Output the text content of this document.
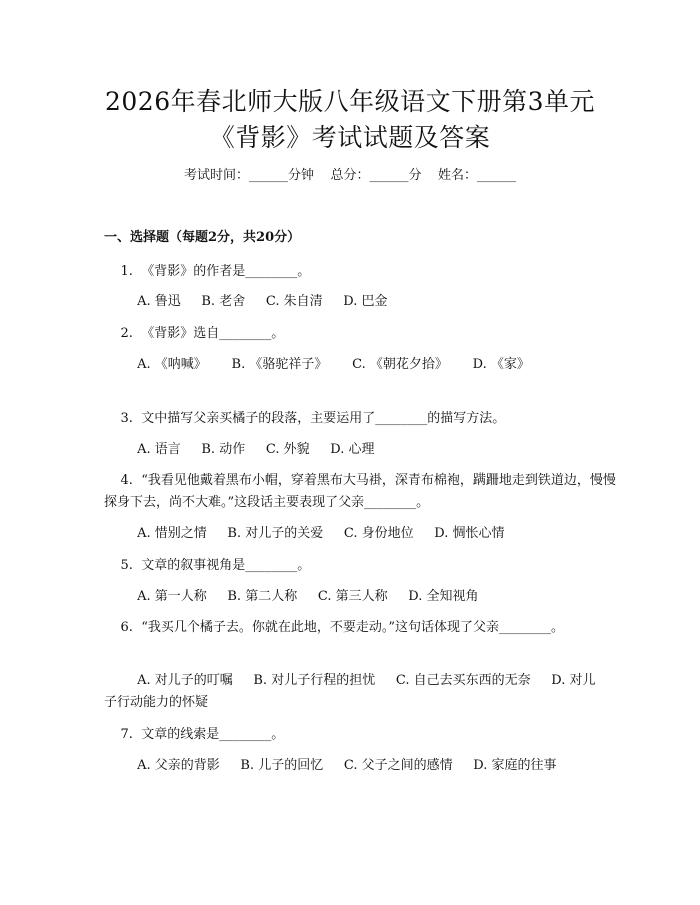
2026年春北师大版八年级语文下册第3单元
《背影》考试试题及答案
考试时间：______分钟    总分：______分    姓名：______
一、选择题（每题2分，共20分）
1.  《背影》的作者是________。
A. 鲁迅     B. 老舍     C. 朱自清     D. 巴金
2.  《背影》选自________。
A. 《呐喊》      B. 《骆驼祥子》      C. 《朝花夕拾》      D. 《家》
3.  文中描写父亲买橘子的段落，主要运用了________的描写方法。
A. 语言     B. 动作     C. 外貌     D. 心理
4.  “我看见他戴着黑布小帽，穿着黑布大马褂，深青布棉袍，蹒跚地走到铁道边，慢慢探身下去，尚不大难。”这段话主要表现了父亲________。
A. 惜别之情     B. 对儿子的关爱     C. 身份地位     D. 惆怅心情
5.  文章的叙事视角是________。
A. 第一人称     B. 第二人称     C. 第三人称     D. 全知视角
6.  “我买几个橘子去。你就在此地，不要走动。”这句话体现了父亲________。
A. 对儿子的叮嘱     B. 对儿子行程的担忧     C. 自己去买东西的无奈     D. 对儿子行动能力的怀疑
7.  文章的线索是________。
A. 父亲的背影     B. 儿子的回忆     C. 父子之间的感情     D. 家庭的往事
